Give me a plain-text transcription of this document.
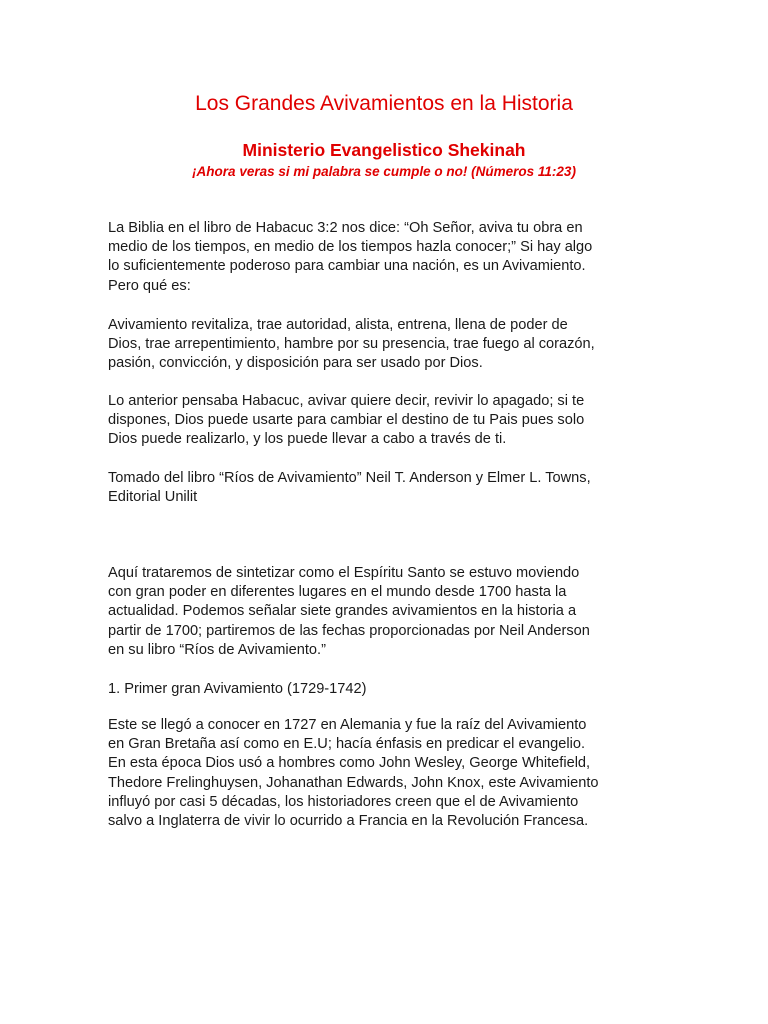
Los Grandes Avivamientos en la Historia
Ministerio Evangelistico Shekinah
¡Ahora veras si mi palabra se cumple o no! (Números 11:23)

La Biblia en el libro de Habacuc 3:2 nos dice: “Oh Señor, aviva tu obra en
medio de los tiempos, en medio de los tiempos hazla conocer;” Si hay algo
lo suficientemente poderoso para cambiar una nación, es un Avivamiento.
Pero qué es:

Avivamiento revitaliza, trae autoridad, alista, entrena, llena de poder de
Dios, trae arrepentimiento, hambre por su presencia, trae fuego al corazón,
pasión, convicción, y disposición para ser usado por Dios.

Lo anterior pensaba Habacuc, avivar quiere decir, revivir lo apagado; si te
dispones, Dios puede usarte para cambiar el destino de tu Pais pues solo
Dios puede realizarlo, y los puede llevar a cabo a través de ti.

Tomado del libro “Ríos de Avivamiento” Neil T. Anderson y Elmer L. Towns,
Editorial Unilit

Aquí trataremos de sintetizar como el Espíritu Santo se estuvo moviendo
con gran poder en diferentes lugares en el mundo desde 1700 hasta la
actualidad. Podemos señalar siete grandes avivamientos en la historia a
partir de 1700; partiremos de las fechas proporcionadas por Neil Anderson
en su libro “Ríos de Avivamiento.”

1. Primer gran Avivamiento (1729-1742)

Este se llegó a conocer en 1727 en Alemania y fue la raíz del Avivamiento
en Gran Bretaña así como en E.U; hacía énfasis en predicar el evangelio.
En esta época Dios usó a hombres como John Wesley, George Whitefield,
Thedore Frelinghuysen, Johanathan Edwards, John Knox, este Avivamiento
influyó por casi 5 décadas, los historiadores creen que el de Avivamiento
salvo a Inglaterra de vivir lo ocurrido a Francia en la Revolución Francesa.
